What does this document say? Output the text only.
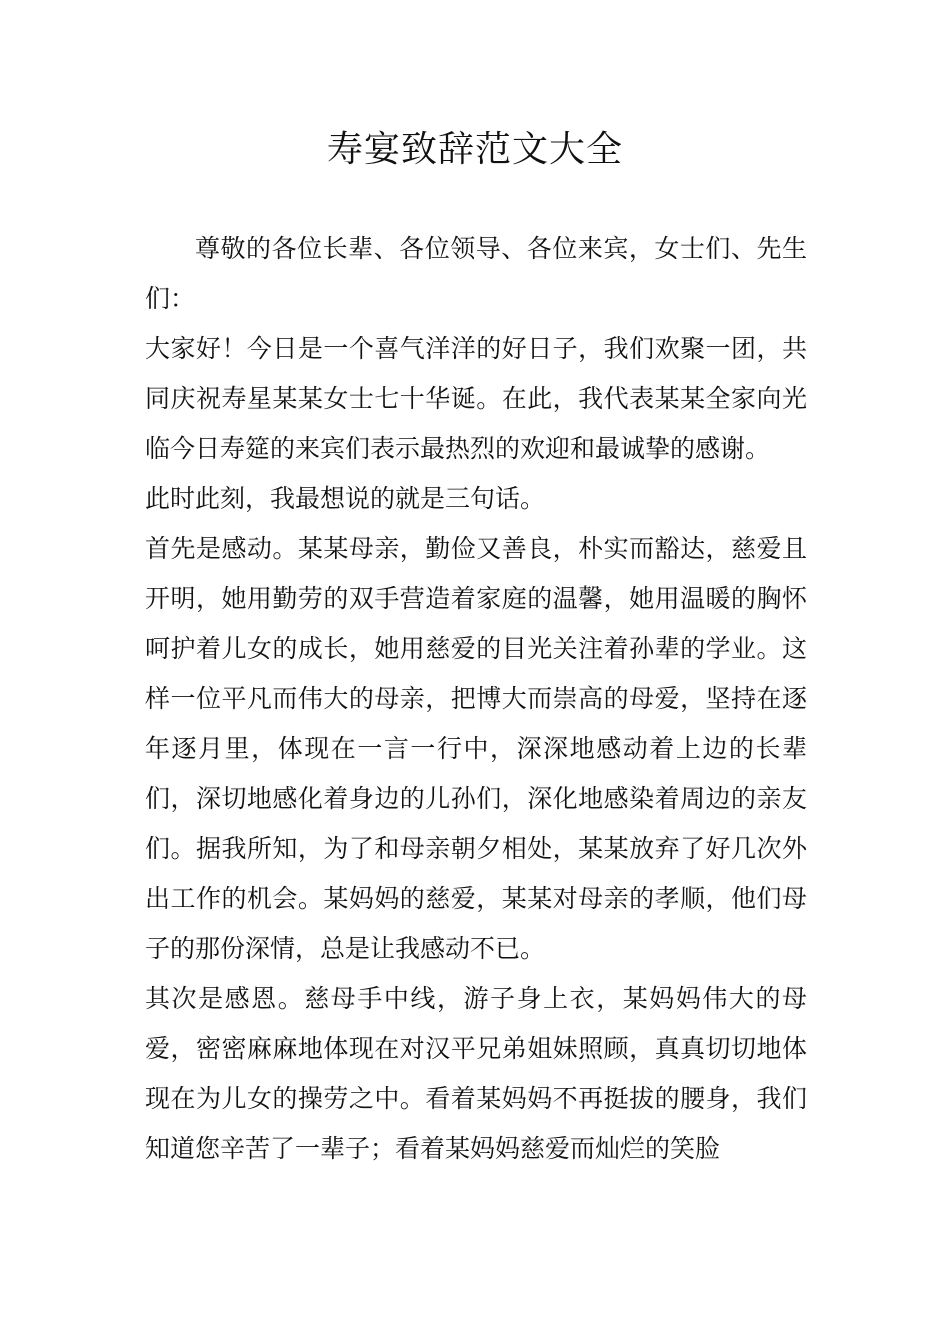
寿宴致辞范文大全

尊敬的各位长辈、各位领导、各位来宾，女士们、先生们：

大家好！今日是一个喜气洋洋的好日子，我们欢聚一团，共同庆祝寿星某某女士七十华诞。在此，我代表某某全家向光临今日寿筵的来宾们表示最热烈的欢迎和最诚挚的感谢。

此时此刻，我最想说的就是三句话。

首先是感动。某某母亲，勤俭又善良，朴实而豁达，慈爱且开明，她用勤劳的双手营造着家庭的温馨，她用温暖的胸怀呵护着儿女的成长，她用慈爱的目光关注着孙辈的学业。这样一位平凡而伟大的母亲，把博大而崇高的母爱，坚持在逐年逐月里，体现在一言一行中，深深地感动着上边的长辈们，深切地感化着身边的儿孙们，深化地感染着周边的亲友们。据我所知，为了和母亲朝夕相处，某某放弃了好几次外出工作的机会。某妈妈的慈爱，某某对母亲的孝顺，他们母子的那份深情，总是让我感动不已。

其次是感恩。慈母手中线，游子身上衣，某妈妈伟大的母爱，密密麻麻地体现在对汉平兄弟姐妹照顾，真真切切地体现在为儿女的操劳之中。看着某妈妈不再挺拔的腰身，我们知道您辛苦了一辈子；看着某妈妈慈爱而灿烂的笑脸
